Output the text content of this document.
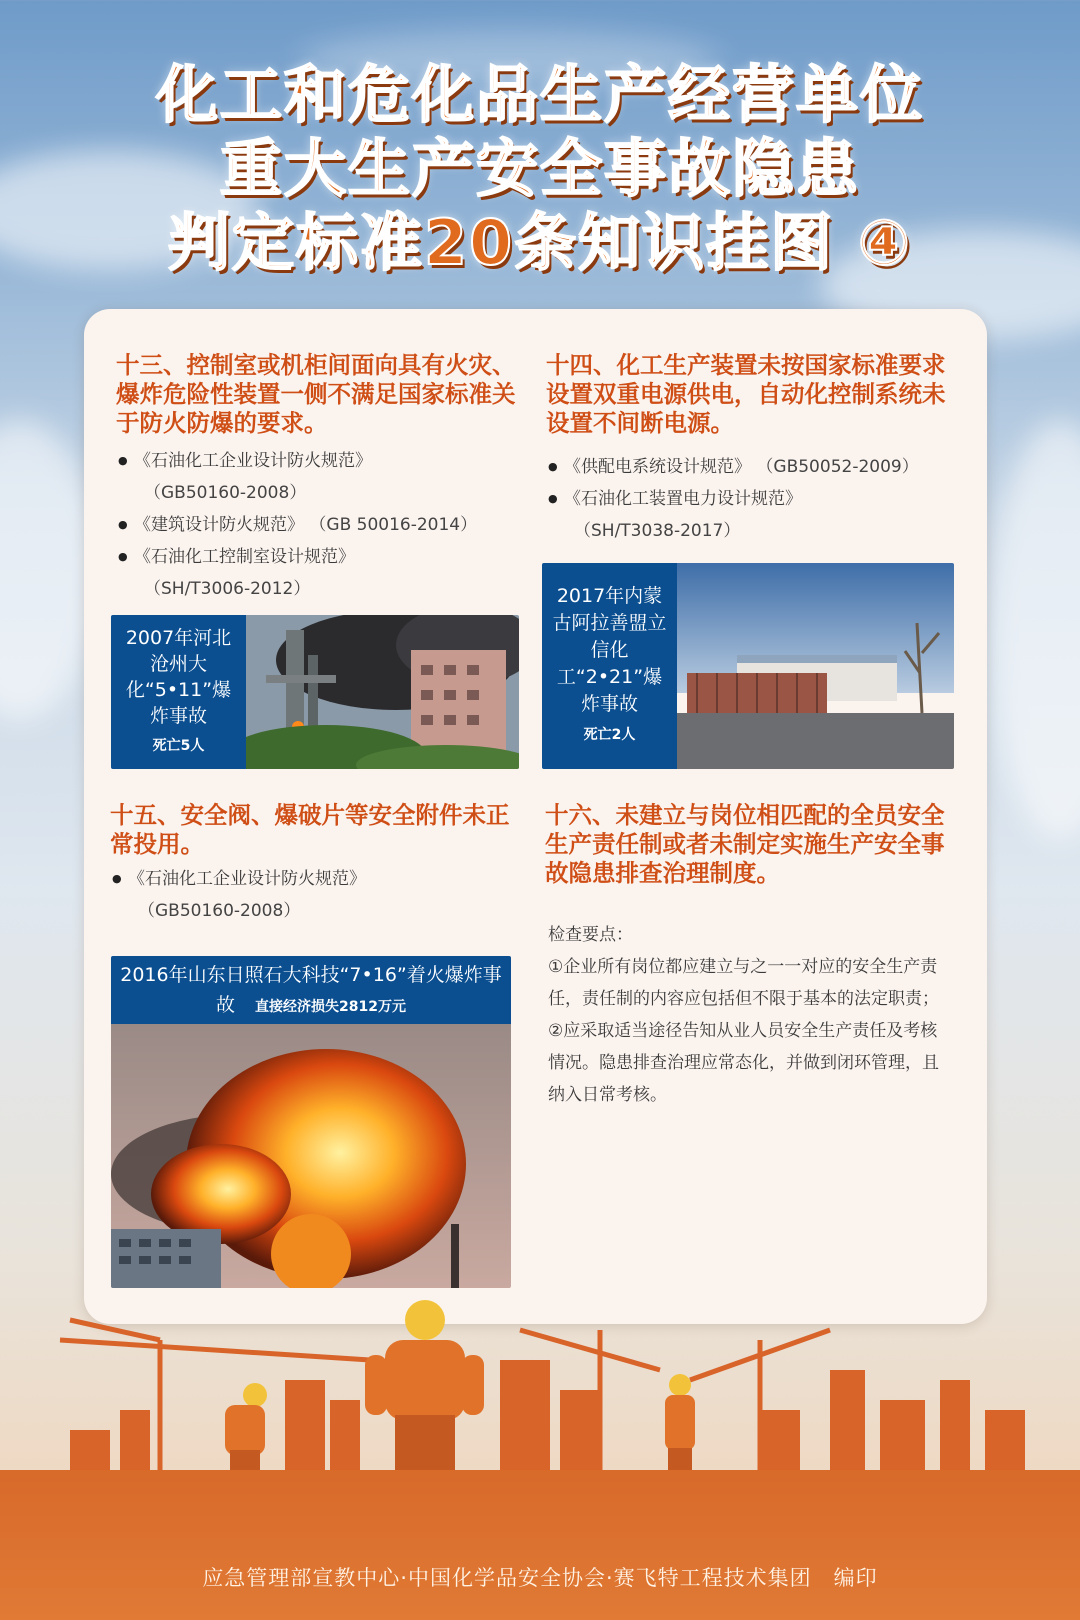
化工和危化品生产经营单位
重大生产安全事故隐患
判定标准20条知识挂图 ④
十三、控制室或机柜间面向具有火灾、爆炸危险性装置一侧不满足国家标准关于防火防爆的要求。
● 《石油化工企业设计防火规范》
（GB50160-2008）
● 《建筑设计防火规范》 （GB 50016-2014）
● 《石油化工控制室设计规范》
（SH/T3006-2012）
2007年河北沧州大化“5•11”爆炸事故
死亡5人
十四、化工生产装置未按国家标准要求设置双重电源供电，自动化控制系统未设置不间断电源。
● 《供配电系统设计规范》 （GB50052-2009）
● 《石油化工装置电力设计规范》
（SH/T3038-2017）
2017年内蒙古阿拉善盟立信化工“2•21”爆炸事故
死亡2人
十五、安全阀、爆破片等安全附件未正常投用。
● 《石油化工企业设计防火规范》
（GB50160-2008）
2016年山东日照石大科技“7•16”着火爆炸事故 直接经济损失2812万元
十六、未建立与岗位相匹配的全员安全生产责任制或者未制定实施生产安全事故隐患排查治理制度。

检查要点：

①企业所有岗位都应建立与之一一对应的安全生产责任，责任制的内容应包括但不限于基本的法定职责；

②应采取适当途径告知从业人员安全生产责任及考核情况。隐患排查治理应常态化，并做到闭环管理，且纳入日常考核。

应急管理部宣教中心·中国化学品安全协会·赛飞特工程技术集团　编印
